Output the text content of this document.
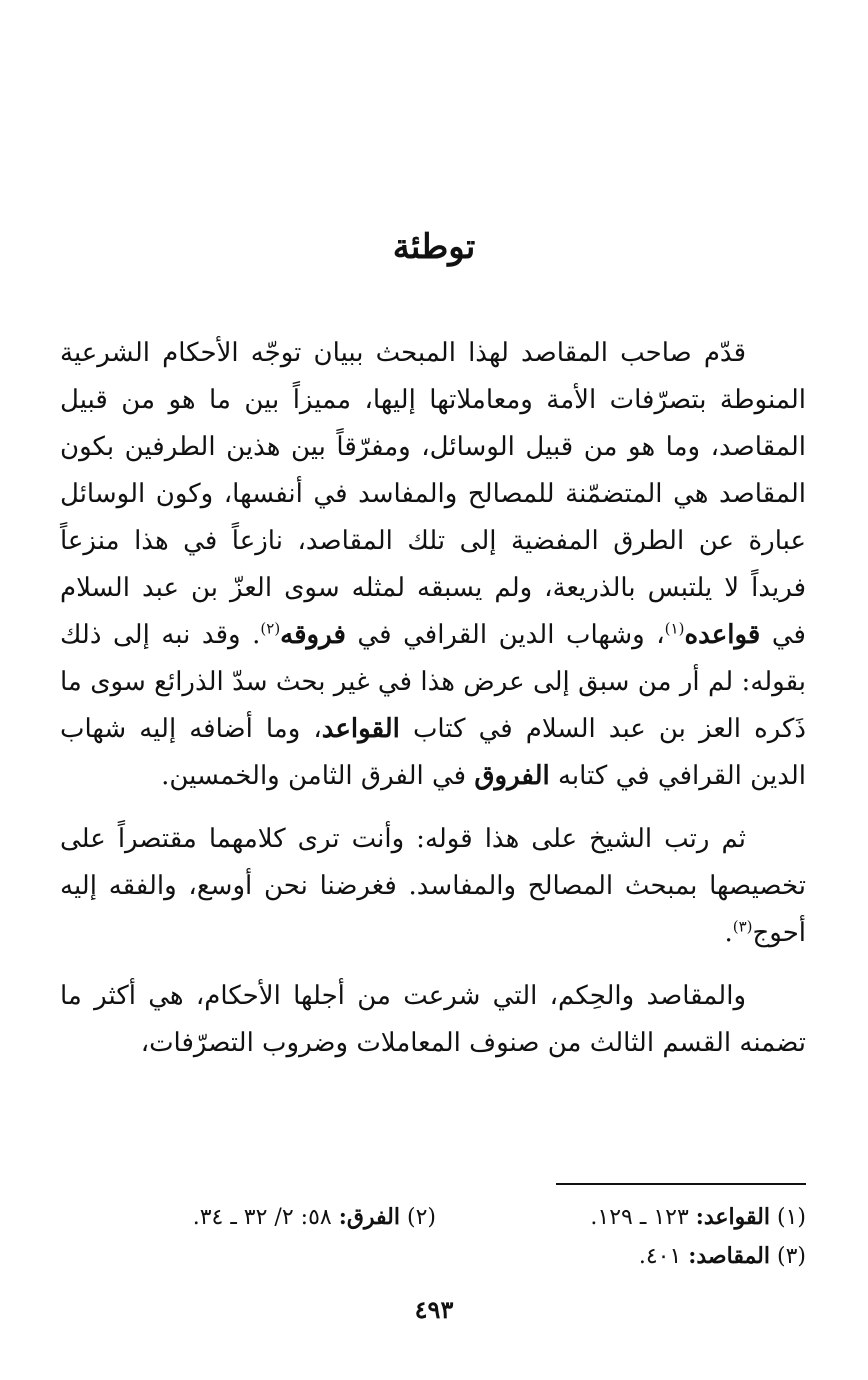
توطئة

قدّم صاحب المقاصد لهذا المبحث ببيان توجّه الأحكام الشرعية المنوطة بتصرّفات الأمة ومعاملاتها إليها، مميزاً بين ما هو من قبيل المقاصد، وما هو من قبيل الوسائل، ومفرّقاً بين هذين الطرفين بكون المقاصد هي المتضمّنة للمصالح والمفاسد في أنفسها، وكون الوسائل عبارة عن الطرق المفضية إلى تلك المقاصد، نازعاً في هذا منزعاً فريداً لا يلتبس بالذريعة، ولم يسبقه لمثله سوى العزّ بن عبد السلام في قواعده$^{(١)}$، وشهاب الدين القرافي في فروقه$^{(٢)}$. وقد نبه إلى ذلك بقوله: لم أر من سبق إلى عرض هذا في غير بحث سدّ الذرائع سوى ما ذَكره العز بن عبد السلام في كتاب القواعد، وما أضافه إليه شهاب الدين القرافي في كتابه الفروق في الفرق الثامن والخمسين.

ثم رتب الشيخ على هذا قوله: وأنت ترى كلامهما مقتصراً على تخصيصها بمبحث المصالح والمفاسد. فغرضنا نحن أوسع، والفقه إليه أحوج$^{(٣)}$.

والمقاصد والحِكم، التي شرعت من أجلها الأحكام، هي أكثر ما تضمنه القسم الثالث من صنوف المعاملات وضروب التصرّفات،

(١) القواعد: ١٢٣ ـ ١٢٩.
(٢) الفرق: ٥٨: ٢/ ٣٢ ـ ٣٤.
(٣) المقاصد: ٤٠١.
٤٩٣
